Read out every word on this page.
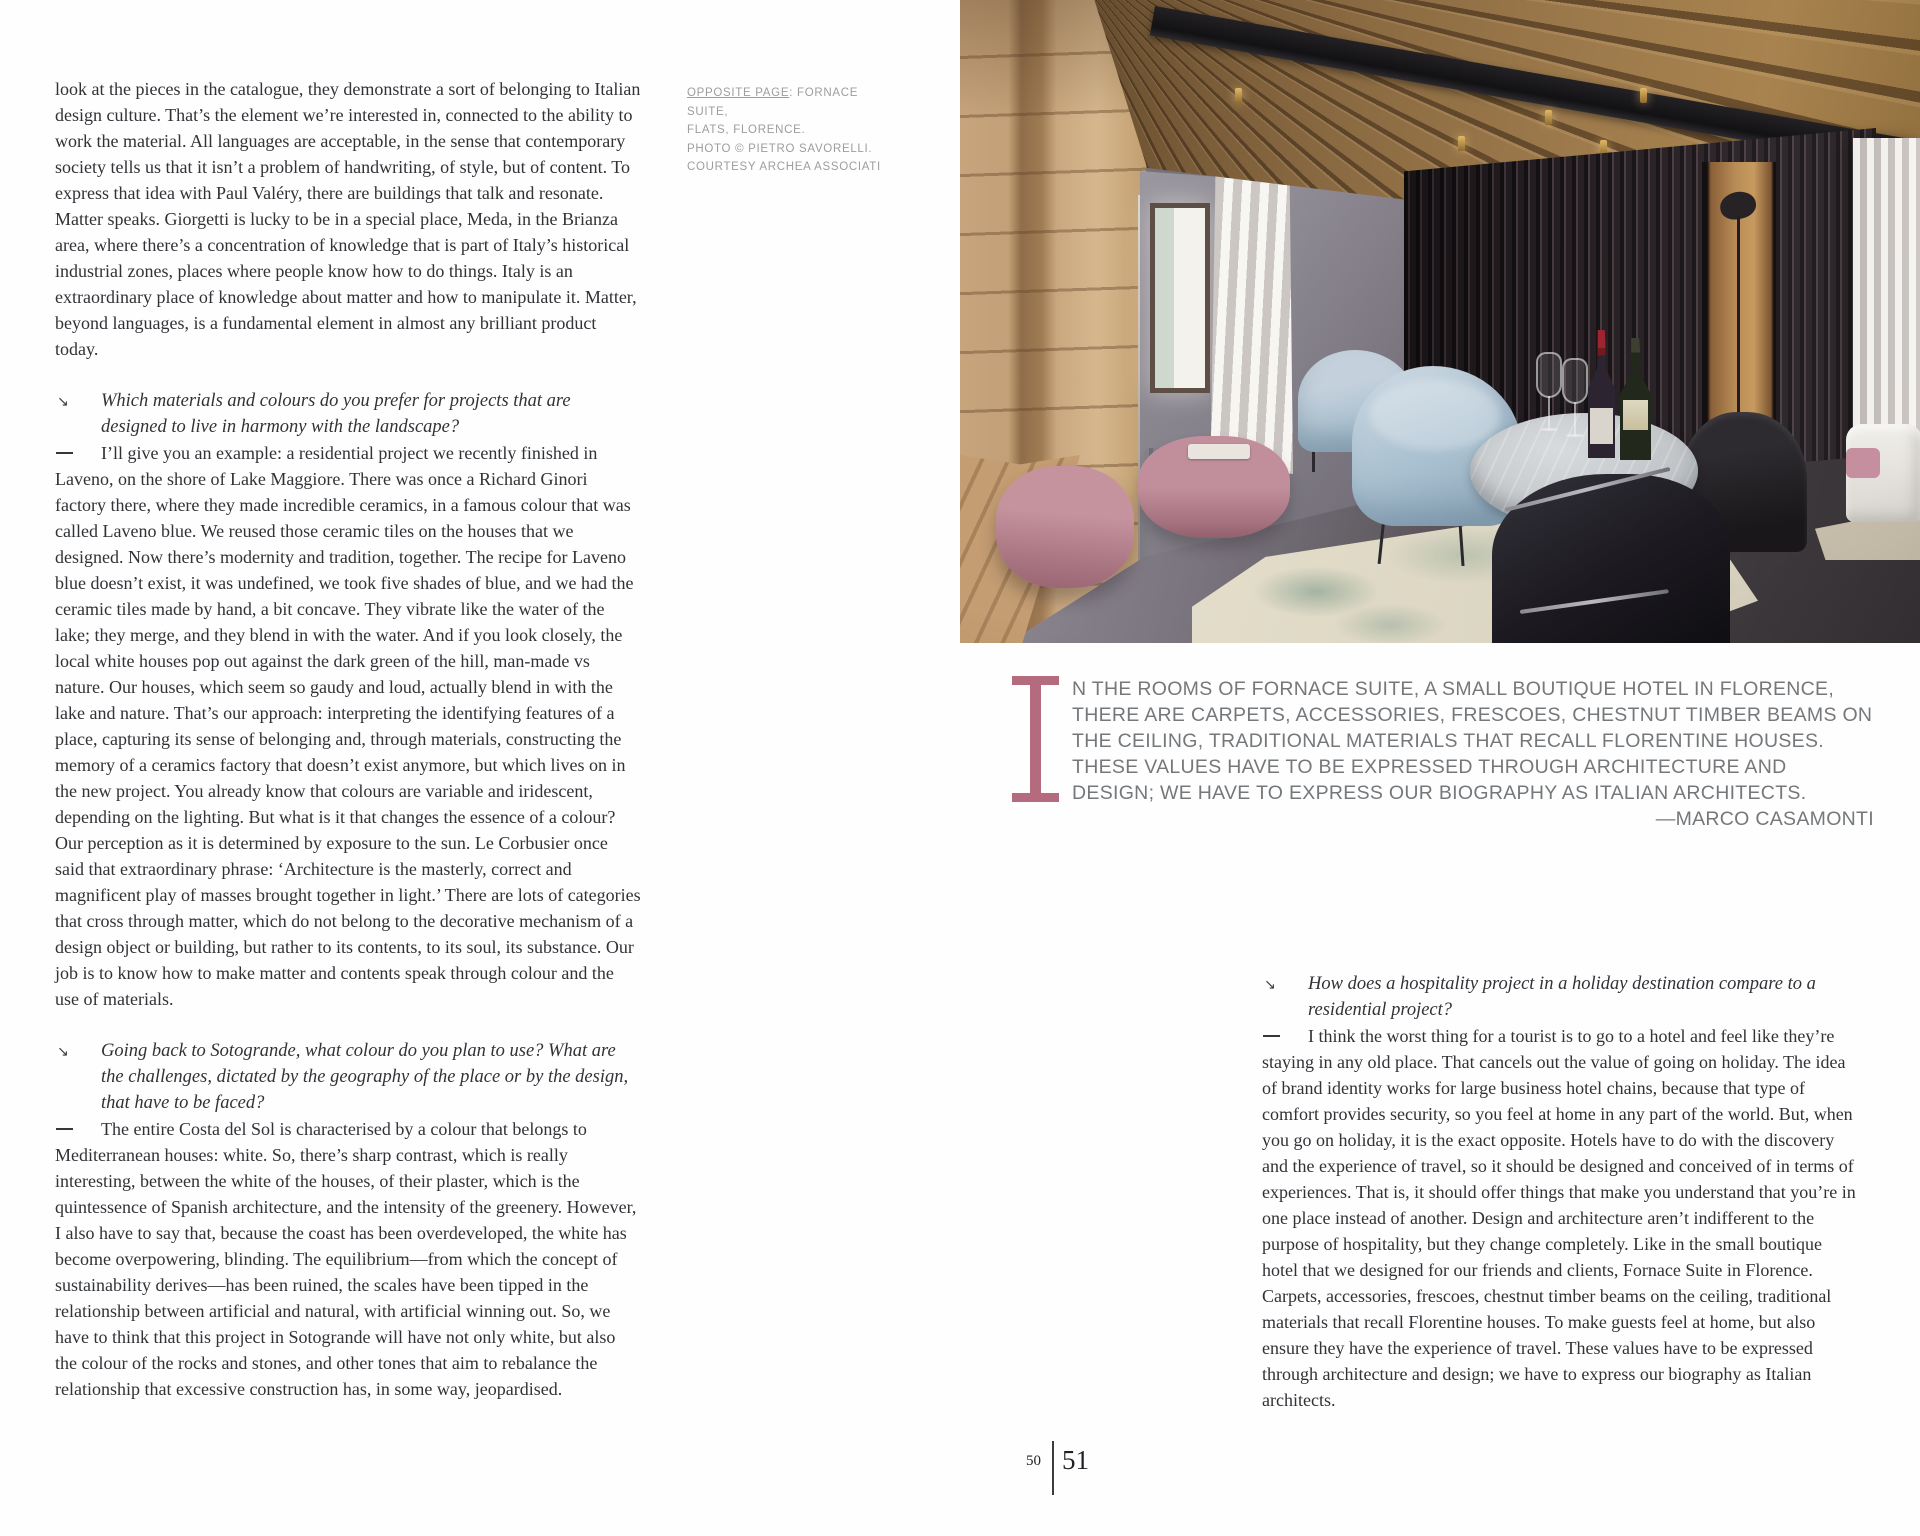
look at the pieces in the catalogue, they demonstrate a sort of belonging to Italian design culture. That’s the element we’re interested in, connected to the ability to work the material. All languages are acceptable, in the sense that contemporary society tells us that it isn’t a problem of handwriting, of style, but of content. To express that idea with Paul Valéry, there are buildings that talk and resonate. Matter speaks. Giorgetti is lucky to be in a special place, Meda, in the Brianza area, where there’s a concentration of knowledge that is part of Italy’s historical industrial zones, places where people know how to do things. Italy is an extraordinary place of knowledge about matter and how to manipulate it. Matter, beyond languages, is a fundamental element in almost any brilliant product today.

↘ Which materials and colours do you prefer for projects that are designed to live in harmony with the landscape?
I’ll give you an example: a residential project we recently finished in Laveno, on the shore of Lake Maggiore. There was once a Richard Ginori factory there, where they made incredible ceramics, in a famous colour that was called Laveno blue. We reused those ceramic tiles on the houses that we designed. Now there’s modernity and tradition, together. The recipe for Laveno blue doesn’t exist, it was undefined, we took five shades of blue, and we had the ceramic tiles made by hand, a bit concave. They vibrate like the water of the lake; they merge, and they blend in with the water. And if you look closely, the local white houses pop out against the dark green of the hill, man-made vs nature. Our houses, which seem so gaudy and loud, actually blend in with the lake and nature. That’s our approach: interpreting the identifying features of a place, capturing its sense of belonging and, through materials, constructing the memory of a ceramics factory that doesn’t exist anymore, but which lives on in the new project. You already know that colours are variable and iridescent, depending on the lighting. But what is it that changes the essence of a colour? Our perception as it is determined by exposure to the sun. Le Corbusier once said that extraordinary phrase: ‘Architecture is the masterly, correct and magnificent play of masses brought together in light.’ There are lots of categories that cross through matter, which do not belong to the decorative mechanism of a design object or building, but rather to its contents, to its soul, its substance. Our job is to know how to make matter and contents speak through colour and the use of materials.
↘ Going back to Sotogrande, what colour do you plan to use? What are the challenges, dictated by the geography of the place or by the design, that have to be faced?
The entire Costa del Sol is characterised by a colour that belongs to Mediterranean houses: white. So, there’s sharp contrast, which is really interesting, between the white of the houses, of their plaster, which is the quintessence of Spanish architecture, and the intensity of the greenery. However, I also have to say that, because the coast has been overdeveloped, the white has become overpowering, blinding. The equilibrium—from which the concept of sustainability derives—has been ruined, the scales have been tipped in the relationship between artificial and natural, with artificial winning out. So, we have to think that this project in Sotogrande will have not only white, but also the colour of the rocks and stones, and other tones that aim to rebalance the relationship that excessive construction has, in some way, jeopardised.
OPPOSITE PAGE: FORNACE SUITE,
FLATS, FLORENCE.
PHOTO © PIETRO SAVORELLI.
COURTESY ARCHEA ASSOCIATI
N THE ROOMS OF FORNACE SUITE, A SMALL BOUTIQUE HOTEL IN FLORENCE, THERE ARE CARPETS, ACCESSORIES, FRESCOES, CHESTNUT TIMBER BEAMS ON THE CEILING, TRADITIONAL MATERIALS THAT RECALL FLORENTINE HOUSES. THESE VALUES HAVE TO BE EXPRESSED THROUGH ARCHITECTURE AND DESIGN; WE HAVE TO EXPRESS OUR BIOGRAPHY AS ITALIAN ARCHITECTS.
—MARCO CASAMONTI
↘ How does a hospitality project in a holiday destination compare to a residential project?
I think the worst thing for a tourist is to go to a hotel and feel like they’re staying in any old place. That cancels out the value of going on holiday. The idea of brand identity works for large business hotel chains, because that type of comfort provides security, so you feel at home in any part of the world. But, when you go on holiday, it is the exact opposite. Hotels have to do with the discovery and the experience of travel, so it should be designed and conceived of in terms of experiences. That is, it should offer things that make you understand that you’re in one place instead of another. Design and architecture aren’t indifferent to the purpose of hospitality, but they change completely. Like in the small boutique hotel that we designed for our friends and clients, Fornace Suite in Florence. Carpets, accessories, frescoes, chestnut timber beams on the ceiling, traditional materials that recall Florentine houses. To make guests feel at home, but also ensure they have the experience of travel. These values have to be expressed through architecture and design; we have to express our biography as Italian architects.
50 51
